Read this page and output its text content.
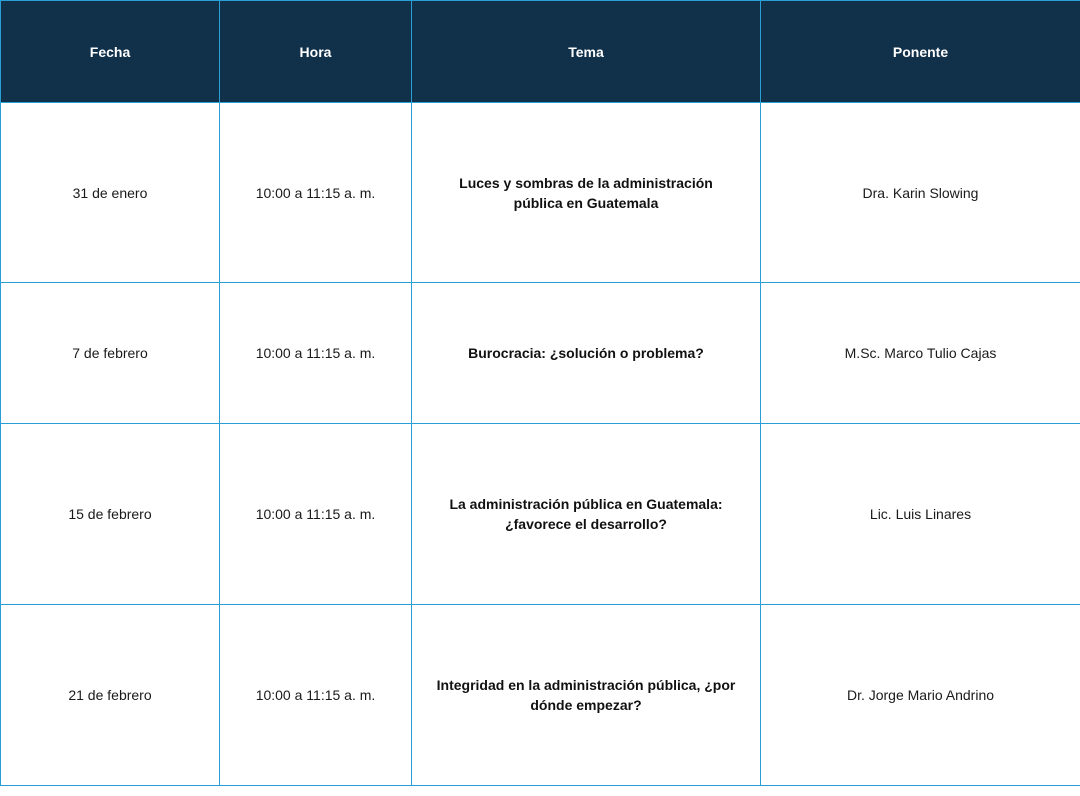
Fecha	Hora	Tema	Ponente
31 de enero	10:00 a 11:15 a. m.	Luces y sombras de la administración pública en Guatemala	Dra. Karin Slowing
7 de febrero	10:00 a 11:15 a. m.	Burocracia: ¿solución o problema?	M.Sc. Marco Tulio Cajas
15 de febrero	10:00 a 11:15 a. m.	La administración pública en Guatemala: ¿favorece el desarrollo?	Lic. Luis Linares
21 de febrero	10:00 a 11:15 a. m.	Integridad en la administración pública, ¿por dónde empezar?	Dr. Jorge Mario Andrino
